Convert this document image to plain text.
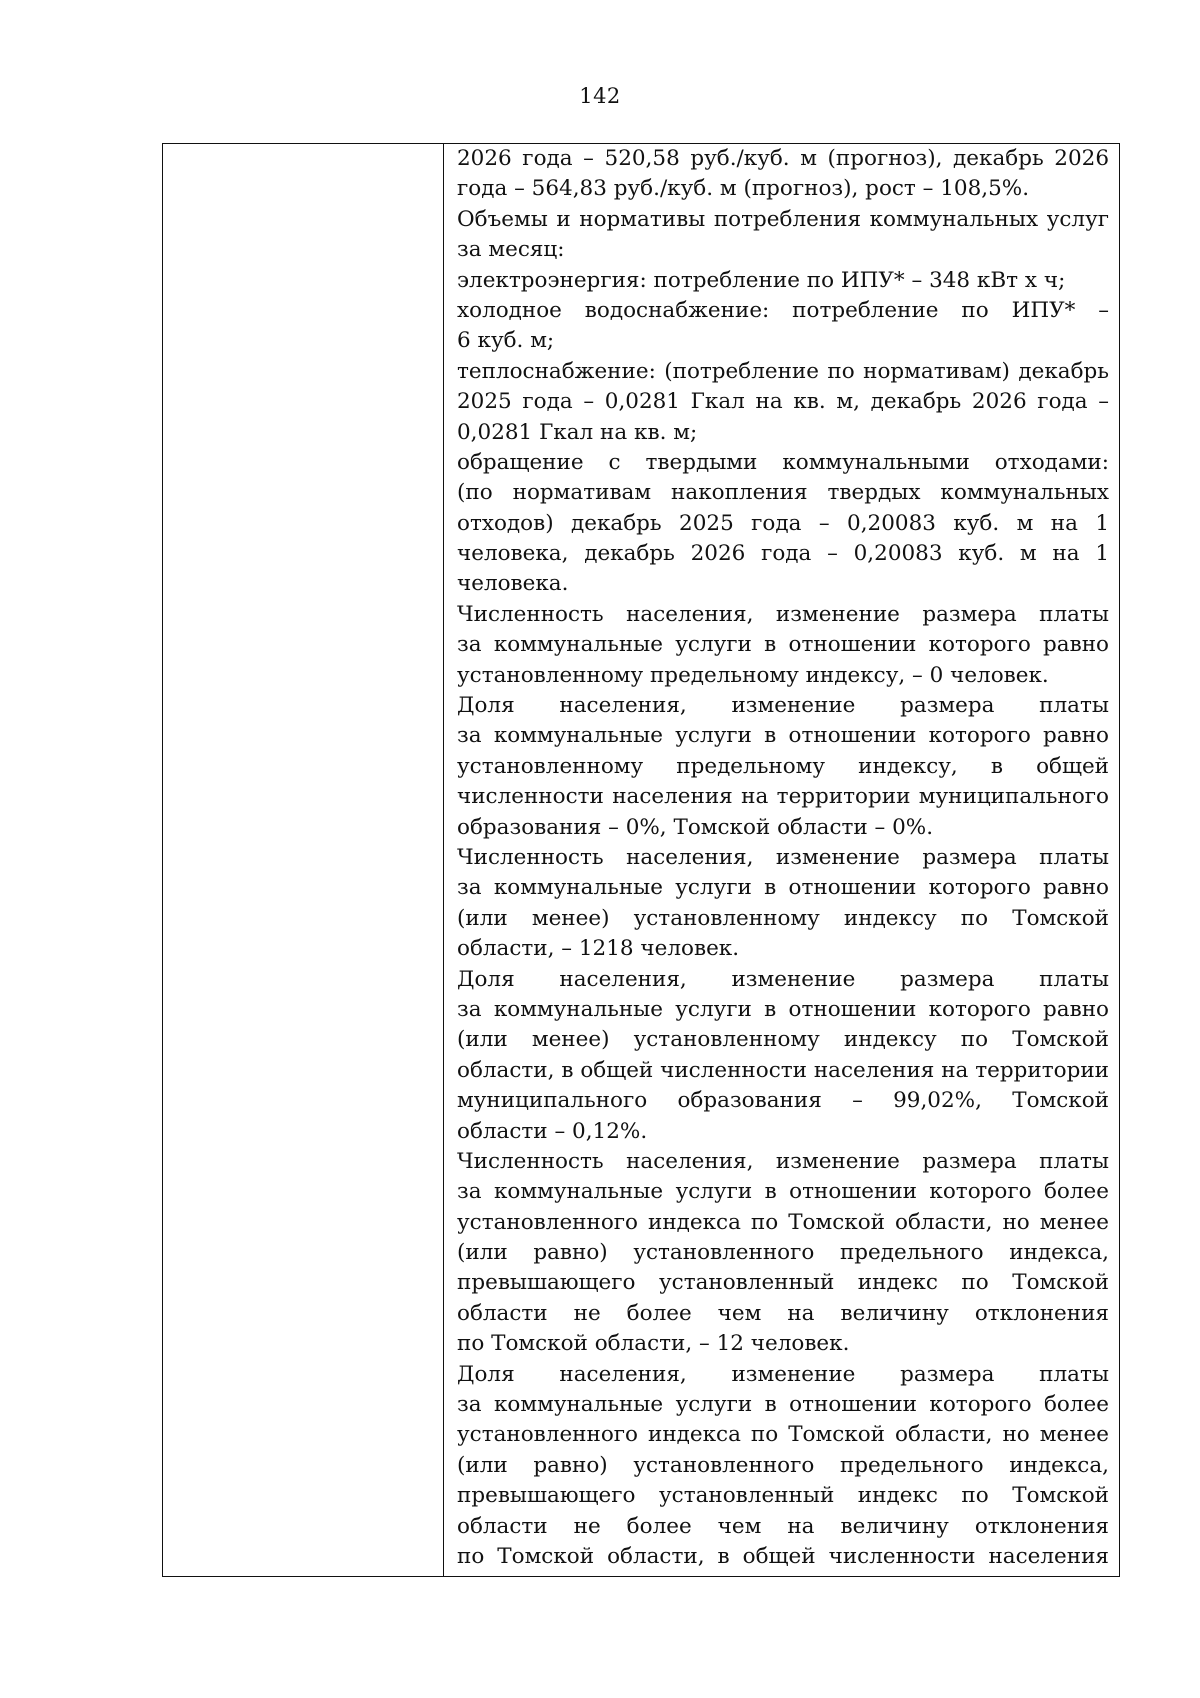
142
2026 года – 520,58 руб./куб. м (прогноз), декабрь 2026
года – 564,83 руб./куб. м (прогноз), рост – 108,5%.
Объемы и нормативы потребления коммунальных услуг
за месяц:
электроэнергия: потребление по ИПУ* – 348 кВт х ч;
холодное водоснабжение: потребление по ИПУ* –
6 куб. м;
теплоснабжение: (потребление по нормативам) декабрь
2025 года – 0,0281 Гкал на кв. м, декабрь 2026 года –
0,0281 Гкал на кв. м;
обращение с твердыми коммунальными отходами:
(по нормативам накопления твердых коммунальных
отходов) декабрь 2025 года – 0,20083 куб. м на 1
человека, декабрь 2026 года – 0,20083 куб. м на 1
человека.
Численность населения, изменение размера платы
за коммунальные услуги в отношении которого равно
установленному предельному индексу, – 0 человек.
Доля населения, изменение размера платы
за коммунальные услуги в отношении которого равно
установленному предельному индексу, в общей
численности населения на территории муниципального
образования – 0%, Томской области – 0%.
Численность населения, изменение размера платы
за коммунальные услуги в отношении которого равно
(или менее) установленному индексу по Томской
области, – 1218 человек.
Доля населения, изменение размера платы
за коммунальные услуги в отношении которого равно
(или менее) установленному индексу по Томской
области, в общей численности населения на территории
муниципального образования – 99,02%, Томской
области – 0,12%.
Численность населения, изменение размера платы
за коммунальные услуги в отношении которого более
установленного индекса по Томской области, но менее
(или равно) установленного предельного индекса,
превышающего установленный индекс по Томской
области не более чем на величину отклонения
по Томской области, – 12 человек.
Доля населения, изменение размера платы
за коммунальные услуги в отношении которого более
установленного индекса по Томской области, но менее
(или равно) установленного предельного индекса,
превышающего установленный индекс по Томской
области не более чем на величину отклонения
по Томской области, в общей численности населения
